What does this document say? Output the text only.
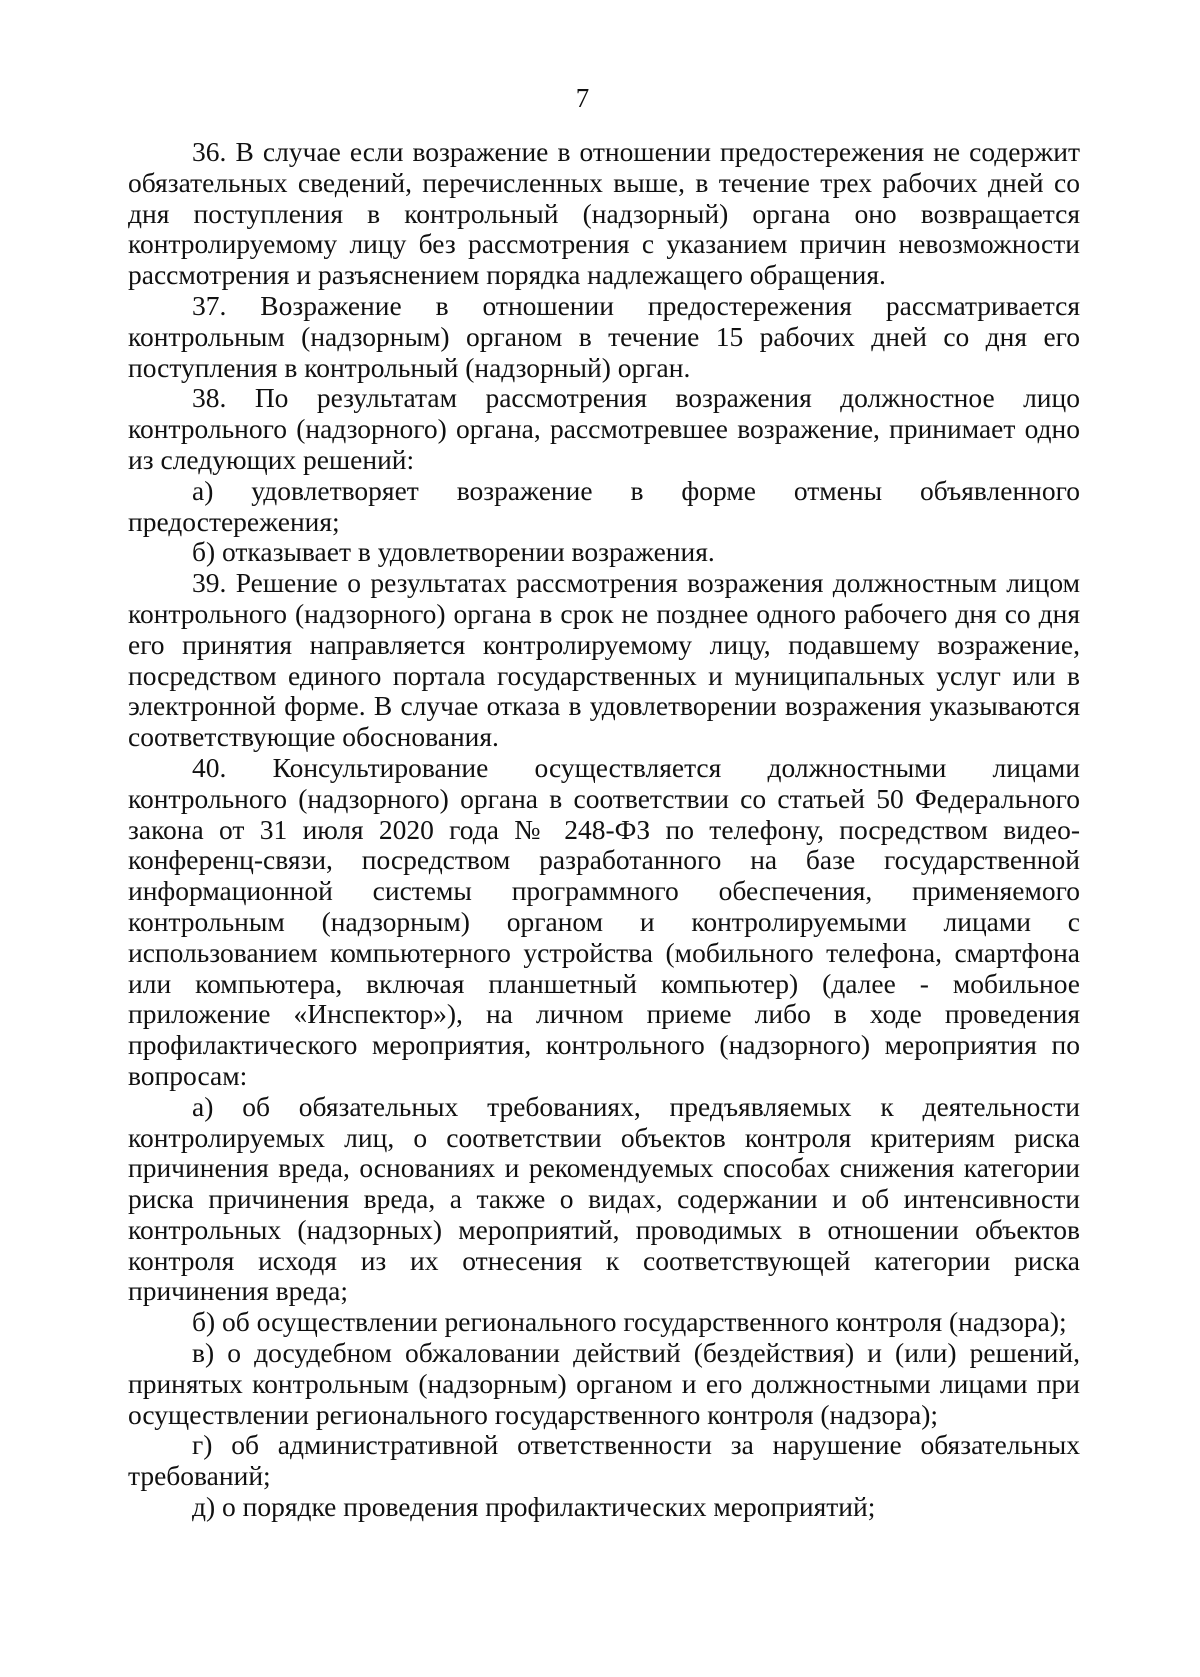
7

36. В случае если возражение в отношении предостережения не содержит обязательных сведений, перечисленных выше, в течение трех рабочих дней со дня поступления в контрольный (надзорный) органа оно возвращается контролируемому лицу без рассмотрения с указанием причин невозможности рассмотрения и разъяснением порядка надлежащего обращения.

37. Возражение в отношении предостережения рассматривается контрольным (надзорным) органом в течение 15 рабочих дней со дня его поступления в контрольный (надзорный) орган.

38. По результатам рассмотрения возражения должностное лицо контрольного (надзорного) органа, рассмотревшее возражение, принимает одно из следующих решений:

а) удовлетворяет возражение в форме отмены объявленного предостережения;

б) отказывает в удовлетворении возражения.

39. Решение о результатах рассмотрения возражения должностным лицом контрольного (надзорного) органа в срок не позднее одного рабочего дня со дня его принятия направляется контролируемому лицу, подавшему возражение, посредством единого портала государственных и муниципальных услуг или в электронной форме. В случае отказа в удовлетворении возражения указываются соответствующие обоснования.

40. Консультирование осуществляется должностными лицами контрольного (надзорного) органа в соответствии со статьей 50 Федерального закона от 31 июля 2020 года № 248-ФЗ по телефону, посредством видео-конференц-связи, посредством разработанного на базе государственной информационной системы программного обеспечения, применяемого контрольным (надзорным) органом и контролируемыми лицами с использованием компьютерного устройства (мобильного телефона, смартфона или компьютера, включая планшетный компьютер) (далее - мобильное приложение «Инспектор»), на личном приеме либо в ходе проведения профилактического мероприятия, контрольного (надзорного) мероприятия по вопросам:

а) об обязательных требованиях, предъявляемых к деятельности контролируемых лиц, о соответствии объектов контроля критериям риска причинения вреда, основаниях и рекомендуемых способах снижения категории риска причинения вреда, а также о видах, содержании и об интенсивности контрольных (надзорных) мероприятий, проводимых в отношении объектов контроля исходя из их отнесения к соответствующей категории риска причинения вреда;

б) об осуществлении регионального государственного контроля (надзора);

в) о досудебном обжаловании действий (бездействия) и (или) решений, принятых контрольным (надзорным) органом и его должностными лицами при осуществлении регионального государственного контроля (надзора);

г) об административной ответственности за нарушение обязательных требований;

д) о порядке проведения профилактических мероприятий;
